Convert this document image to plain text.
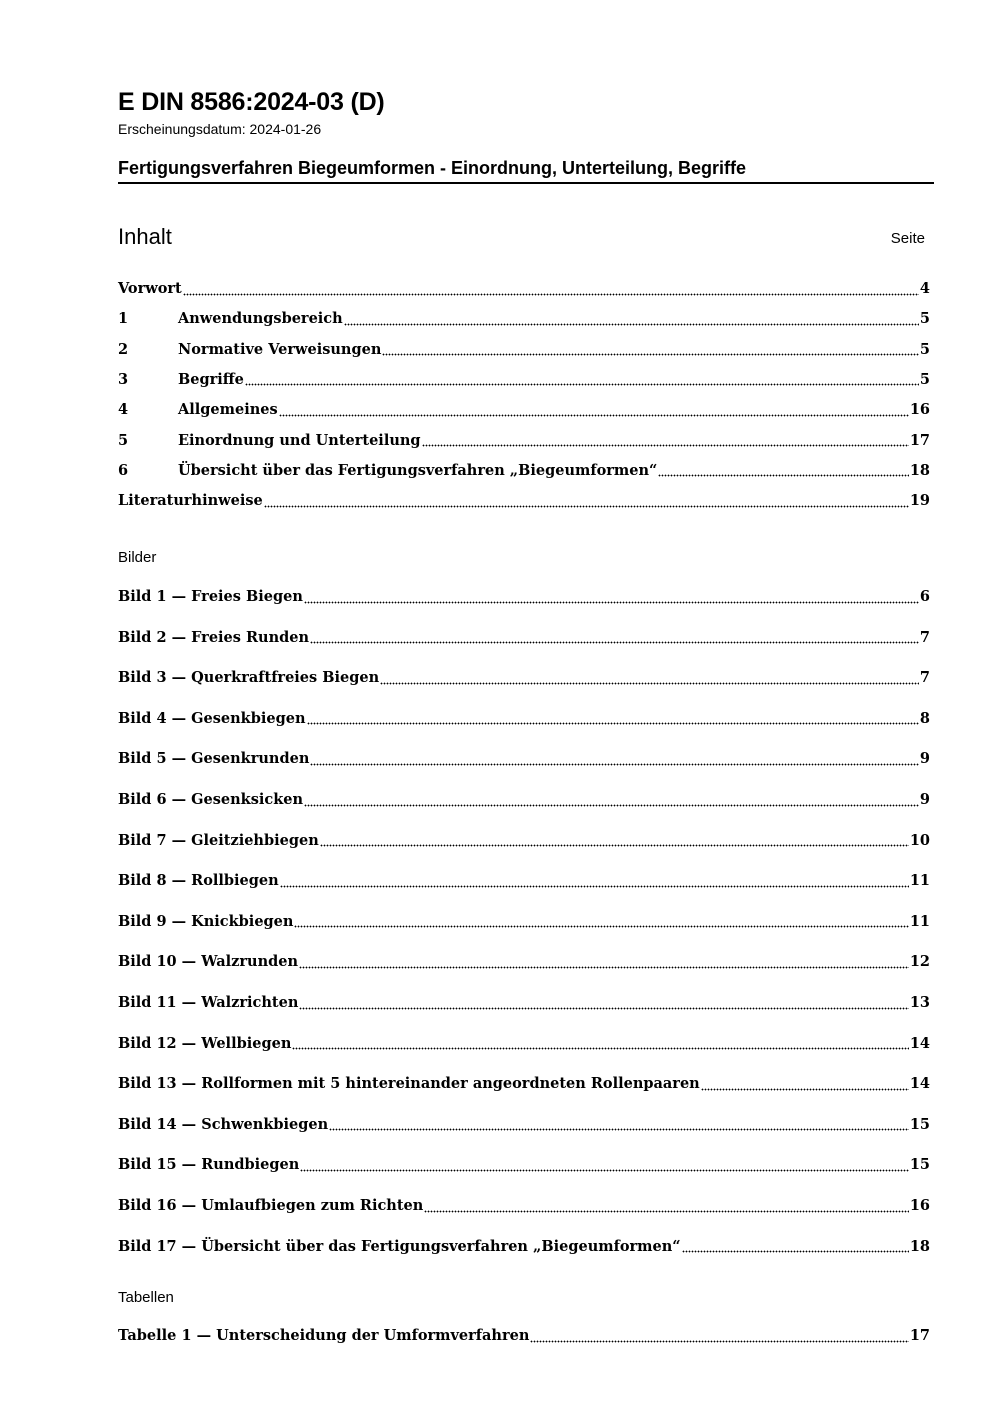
E DIN 8586:2024-03 (D)
Erscheinungsdatum: 2024-01-26
Fertigungsverfahren Biegeumformen - Einordnung, Unterteilung, Begriffe
Inhalt	Seite
Vorwort	4
1	Anwendungsbereich	5
2	Normative Verweisungen	5
3	Begriffe	5
4	Allgemeines	16
5	Einordnung und Unterteilung	17
6	Übersicht über das Fertigungsverfahren „Biegeumformen“	18
Literaturhinweise	19
Bilder
Bild 1 — Freies Biegen	6
Bild 2 — Freies Runden	7
Bild 3 — Querkraftfreies Biegen	7
Bild 4 — Gesenkbiegen	8
Bild 5 — Gesenkrunden	9
Bild 6 — Gesenksicken	9
Bild 7 — Gleitziehbiegen	10
Bild 8 — Rollbiegen	11
Bild 9 — Knickbiegen	11
Bild 10 — Walzrunden	12
Bild 11 — Walzrichten	13
Bild 12 — Wellbiegen	14
Bild 13 — Rollformen mit 5 hintereinander angeordneten Rollenpaaren	14
Bild 14 — Schwenkbiegen	15
Bild 15 — Rundbiegen	15
Bild 16 — Umlaufbiegen zum Richten	16
Bild 17 — Übersicht über das Fertigungsverfahren „Biegeumformen“	18
Tabellen
Tabelle 1 — Unterscheidung der Umformverfahren	17
